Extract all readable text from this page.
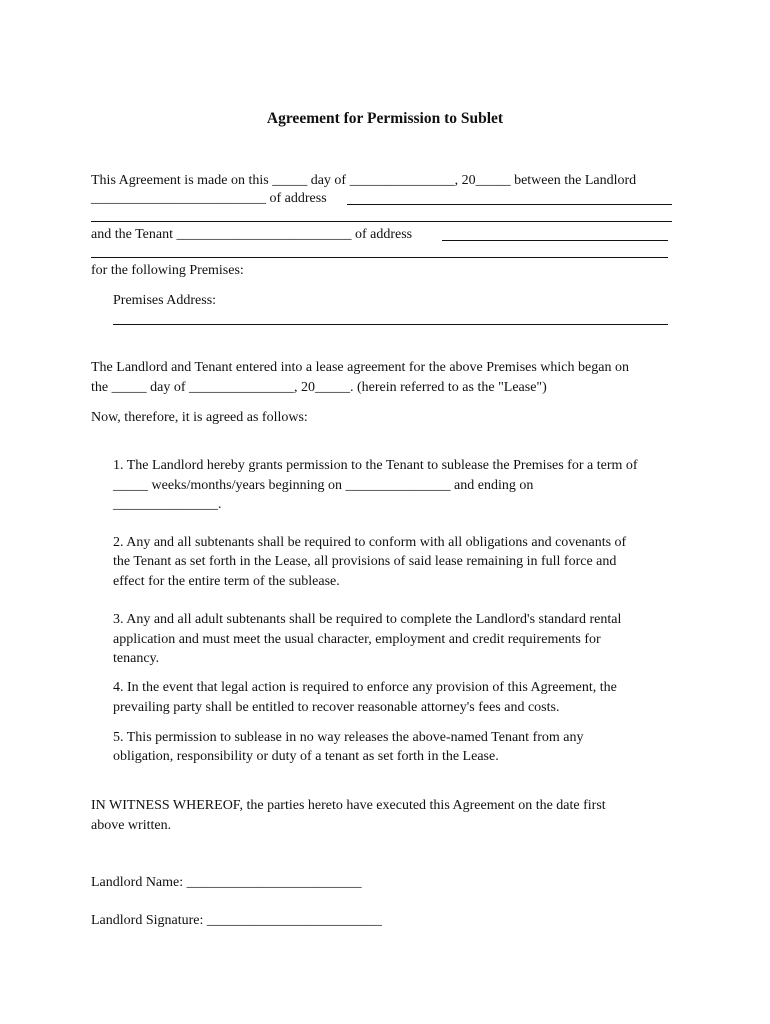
Agreement for Permission to Sublet
This Agreement is made on this _____ day of _______________, 20_____ between the Landlord
_________________________ of address
and the Tenant _________________________ of address
for the following Premises:
Premises Address:
The Landlord and Tenant entered into a lease agreement for the above Premises which began on
the _____ day of _______________, 20_____. (herein referred to as the "Lease")
Now, therefore, it is agreed as follows:
1. The Landlord hereby grants permission to the Tenant to sublease the Premises for a term of
_____ weeks/months/years beginning on _______________ and ending on
_______________.
2. Any and all subtenants shall be required to conform with all obligations and covenants of
the Tenant as set forth in the Lease, all provisions of said lease remaining in full force and
effect for the entire term of the sublease.
3. Any and all adult subtenants shall be required to complete the Landlord's standard rental
application and must meet the usual character, employment and credit requirements for
tenancy.
4. In the event that legal action is required to enforce any provision of this Agreement, the
prevailing party shall be entitled to recover reasonable attorney's fees and costs.
5. This permission to sublease in no way releases the above-named Tenant from any
obligation, responsibility or duty of a tenant as set forth in the Lease.
IN WITNESS WHEREOF, the parties hereto have executed this Agreement on the date first
above written.
Landlord Name: _________________________
Landlord Signature: _________________________
